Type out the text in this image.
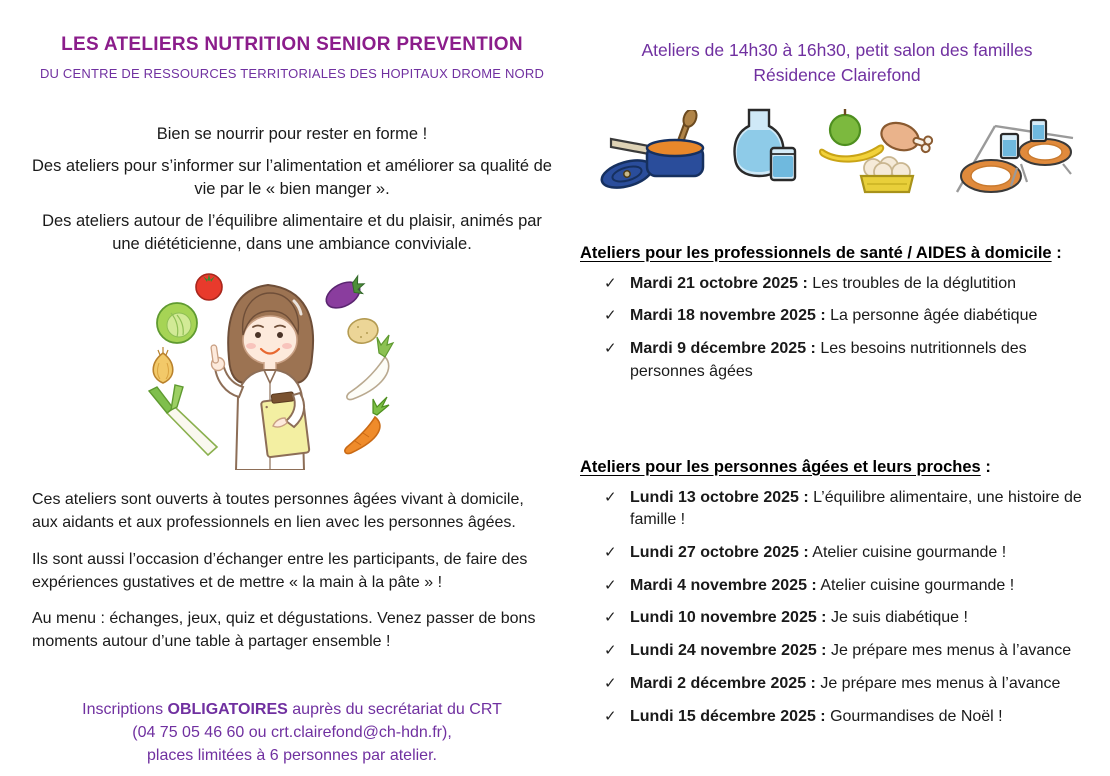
LES ATELIERS NUTRITION SENIOR PREVENTION
DU CENTRE DE RESSOURCES TERRITORIALES DES HOPITAUX DROME NORD

Bien se nourrir pour rester en forme !

Des ateliers pour s’informer sur l’alimentation et améliorer sa qualité de vie par le « bien manger ».

Des ateliers autour de l’équilibre alimentaire et du plaisir, animés par une diététicienne, dans une ambiance conviviale.

Ces ateliers sont ouverts à toutes personnes âgées vivant à domicile, aux aidants et aux professionnels en lien avec les personnes âgées.

Ils sont aussi l’occasion d’échanger entre les participants, de faire des expériences gustatives et de mettre « la main à la pâte » !

Au menu : échanges, jeux, quiz et dégustations. Venez passer de bons moments autour d’une table à partager ensemble !

Inscriptions OBLIGATOIRES auprès du secrétariat du CRT
(04 75 05 46 60 ou crt.clairefond@ch-hdn.fr),
places limitées à 6 personnes par atelier.
Ateliers de 14h30 à 16h30, petit salon des familles
Résidence Clairefond
Ateliers pour les professionnels de santé / AIDES à domicile :
✓ Mardi 21 octobre 2025 : Les troubles de la déglutition
✓ Mardi 18 novembre 2025 : La personne âgée diabétique
✓ Mardi 9 décembre 2025 : Les besoins nutritionnels des personnes âgées
Ateliers pour les personnes âgées et leurs proches :
✓ Lundi 13 octobre 2025 : L’équilibre alimentaire, une histoire de famille !
✓ Lundi 27 octobre 2025 : Atelier cuisine gourmande !
✓ Mardi 4 novembre 2025 : Atelier cuisine gourmande !
✓ Lundi 10 novembre 2025 : Je suis diabétique !
✓ Lundi 24 novembre 2025 : Je prépare mes menus à l’avance
✓ Mardi 2 décembre 2025 : Je prépare mes menus à l’avance
✓ Lundi 15 décembre 2025 : Gourmandises de Noël !
